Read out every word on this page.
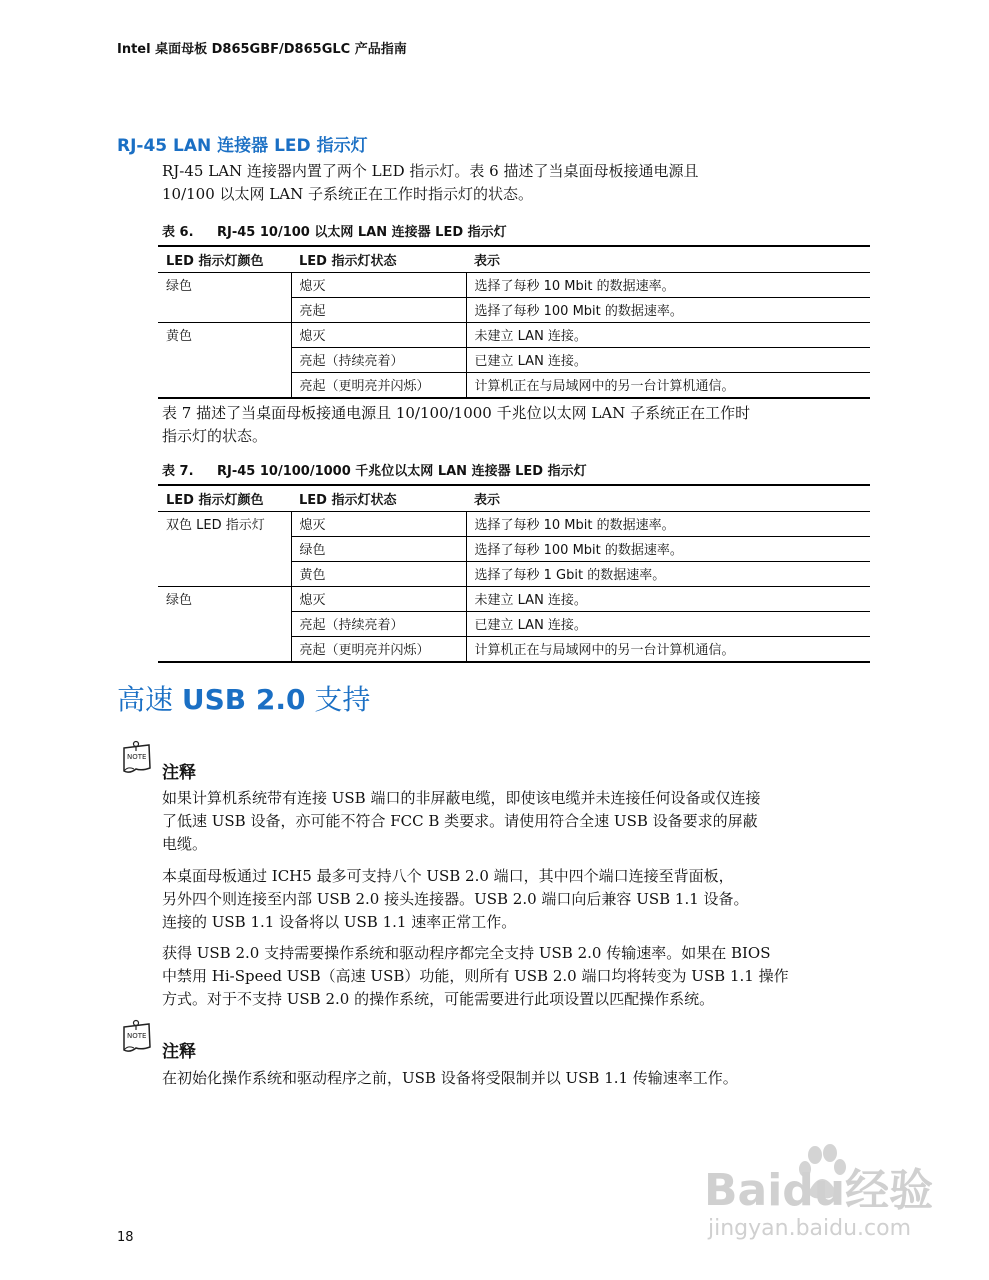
Intel 桌面母板 D865GBF/D865GLC 产品指南
RJ-45 LAN 连接器 LED 指示灯
RJ-45 LAN 连接器内置了两个 LED 指示灯。表 6 描述了当桌面母板接通电源且
10/100 以太网 LAN 子系统正在工作时指示灯的状态。
表 6. RJ-45 10/100 以太网 LAN 连接器 LED 指示灯
LED 指示灯颜色	LED 指示灯状态	表示
绿色	熄灭	选择了每秒 10 Mbit 的数据速率。
	亮起	选择了每秒 100 Mbit 的数据速率。
黄色	熄灭	未建立 LAN 连接。
	亮起（持续亮着）	已建立 LAN 连接。
	亮起（更明亮并闪烁）	计算机正在与局域网中的另一台计算机通信。
表 7 描述了当桌面母板接通电源且 10/100/1000 千兆位以太网 LAN 子系统正在工作时
指示灯的状态。
表 7. RJ-45 10/100/1000 千兆位以太网 LAN 连接器 LED 指示灯
LED 指示灯颜色	LED 指示灯状态	表示
双色 LED 指示灯	熄灭	选择了每秒 10 Mbit 的数据速率。
	绿色	选择了每秒 100 Mbit 的数据速率。
	黄色	选择了每秒 1 Gbit 的数据速率。
绿色	熄灭	未建立 LAN 连接。
	亮起（持续亮着）	已建立 LAN 连接。
	亮起（更明亮并闪烁）	计算机正在与局域网中的另一台计算机通信。
高速 USB 2.0 支持
NOTE
注释
如果计算机系统带有连接 USB 端口的非屏蔽电缆，即使该电缆并未连接任何设备或仅连接
了低速 USB 设备，亦可能不符合 FCC B 类要求。请使用符合全速 USB 设备要求的屏蔽
电缆。
本桌面母板通过 ICH5 最多可支持八个 USB 2.0 端口，其中四个端口连接至背面板，
另外四个则连接至内部 USB 2.0 接头连接器。USB 2.0 端口向后兼容 USB 1.1 设备。
连接的 USB 1.1 设备将以 USB 1.1 速率正常工作。
获得 USB 2.0 支持需要操作系统和驱动程序都完全支持 USB 2.0 传输速率。如果在 BIOS
中禁用 Hi-Speed USB（高速 USB）功能，则所有 USB 2.0 端口均将转变为 USB 1.1 操作
方式。对于不支持 USB 2.0 的操作系统，可能需要进行此项设置以匹配操作系统。
NOTE
注释
在初始化操作系统和驱动程序之前，USB 设备将受限制并以 USB 1.1 传输速率工作。
Baidu经验
jingyan.baidu.com
18
